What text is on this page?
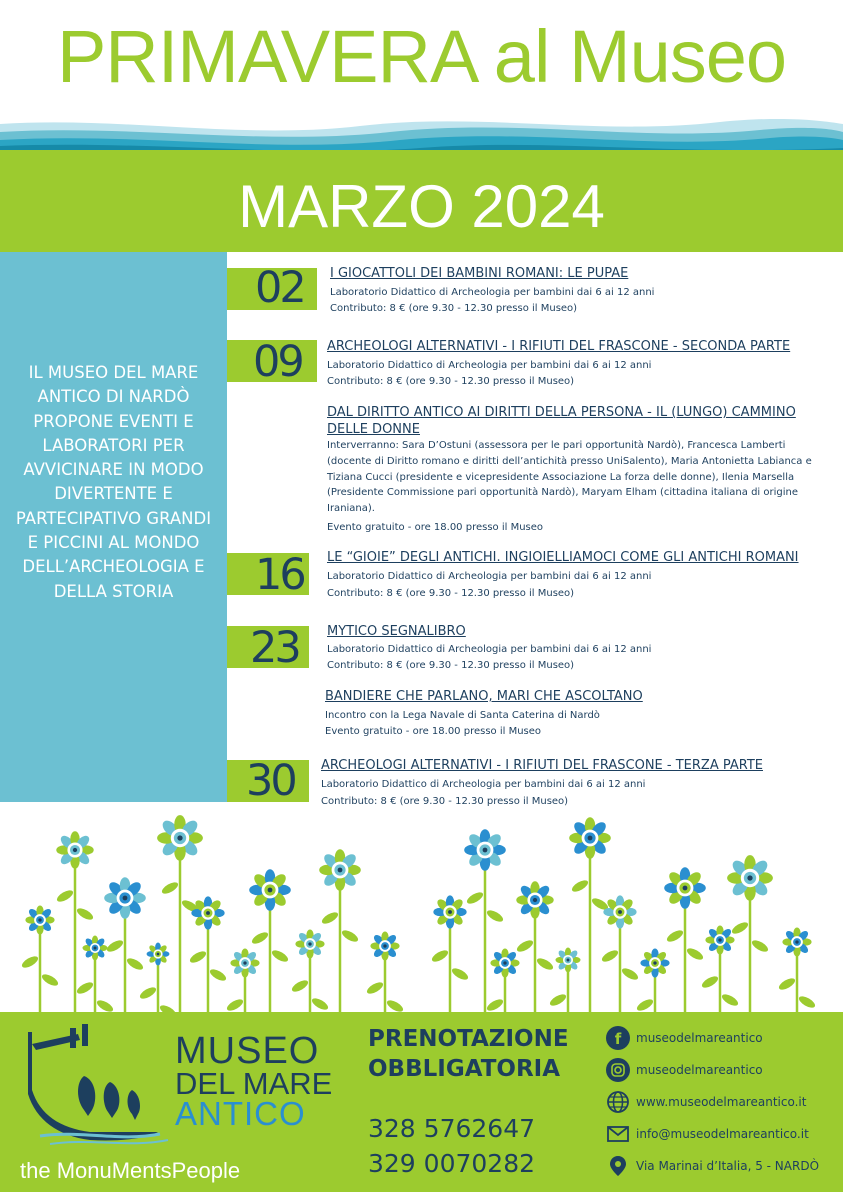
PRIMAVERA al Museo
MARZO 2024
IL MUSEO DEL MARE ANTICO DI NARDÒ PROPONE EVENTI E LABORATORI PER AVVICINARE IN MODO DIVERTENTE E PARTECIPATIVO GRANDI E PICCINI AL MONDO DELL’ARCHEOLOGIA E DELLA STORIA
02
09
16
23
30
I GIOCATTOLI DEI BAMBINI ROMANI: LE PUPAE
Laboratorio Didattico di Archeologia per bambini dai 6 ai 12 anni
Contributo: 8 € (ore 9.30 - 12.30 presso il Museo)
ARCHEOLOGI ALTERNATIVI - I RIFIUTI DEL FRASCONE - SECONDA PARTE
Laboratorio Didattico di Archeologia per bambini dai 6 ai 12 anni
Contributo: 8 € (ore 9.30 - 12.30 presso il Museo)
DAL DIRITTO ANTICO AI DIRITTI DELLA PERSONA - IL (LUNGO) CAMMINO DELLE DONNE
Interverranno: Sara D’Ostuni (assessora per le pari opportunità Nardò), Francesca Lamberti (docente di Diritto romano e diritti dell’antichità presso UniSalento), Maria Antonietta Labianca e Tiziana Cucci (presidente e vicepresidente Associazione La forza delle donne), Ilenia Marsella (Presidente Commissione pari opportunità Nardò), Maryam Elham (cittadina italiana di origine Iraniana).
Evento gratuito - ore 18.00 presso il Museo
LE “GIOIE” DEGLI ANTICHI. INGIOIELLIAMOCI COME GLI ANTICHI ROMANI
Laboratorio Didattico di Archeologia per bambini dai 6 ai 12 anni
Contributo: 8 € (ore 9.30 - 12.30 presso il Museo)
MYTICO SEGNALIBRO
Laboratorio Didattico di Archeologia per bambini dai 6 ai 12 anni
Contributo: 8 € (ore 9.30 - 12.30 presso il Museo)
BANDIERE CHE PARLANO, MARI CHE ASCOLTANO
Incontro con la Lega Navale di Santa Caterina di Nardò
Evento gratuito - ore 18.00 presso il Museo
ARCHEOLOGI ALTERNATIVI - I RIFIUTI DEL FRASCONE - TERZA PARTE
Laboratorio Didattico di Archeologia per bambini dai 6 ai 12 anni
Contributo: 8 € (ore 9.30 - 12.30 presso il Museo)
MUSEO
DEL MARE
ANTICO
the MonuMentsPeople
PRENOTAZIONE
OBBLIGATORIA
328 5762647
329 0070282
f museodelmareantico
museodelmareantico
www.museodelmareantico.it
info@museodelmareantico.it
Via Marinai d’Italia, 5 - NARDÒ
